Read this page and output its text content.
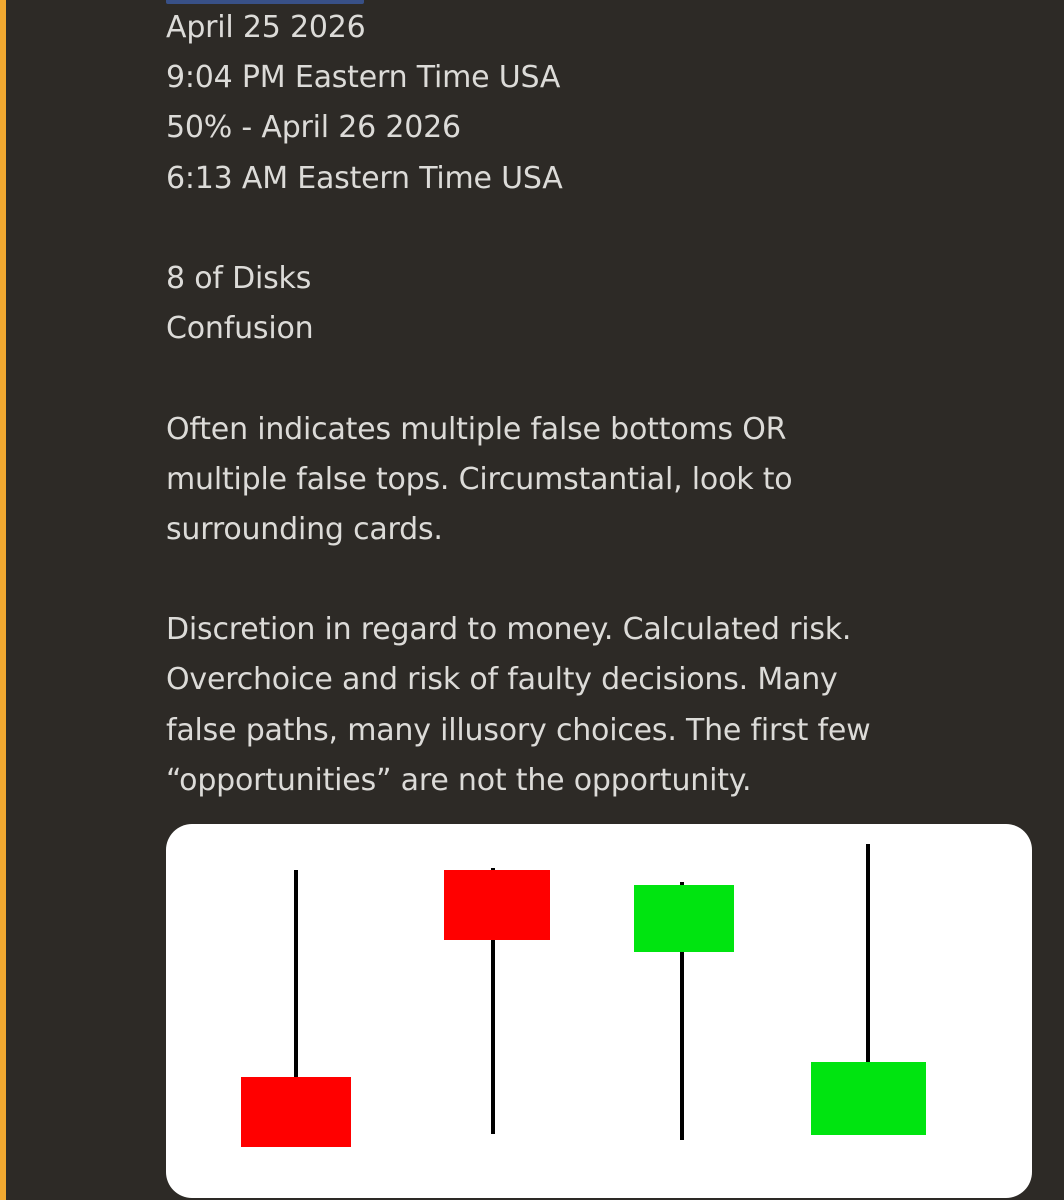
April 25 2026
9:04 PM Eastern Time USA
50% - April 26 2026
6:13 AM Eastern Time USA
8 of Disks
Confusion
Often indicates multiple false bottoms OR
multiple false tops. Circumstantial, look to
surrounding cards.
Discretion in regard to money. Calculated risk.
Overchoice and risk of faulty decisions. Many
false paths, many illusory choices. The first few
“opportunities” are not the opportunity.
